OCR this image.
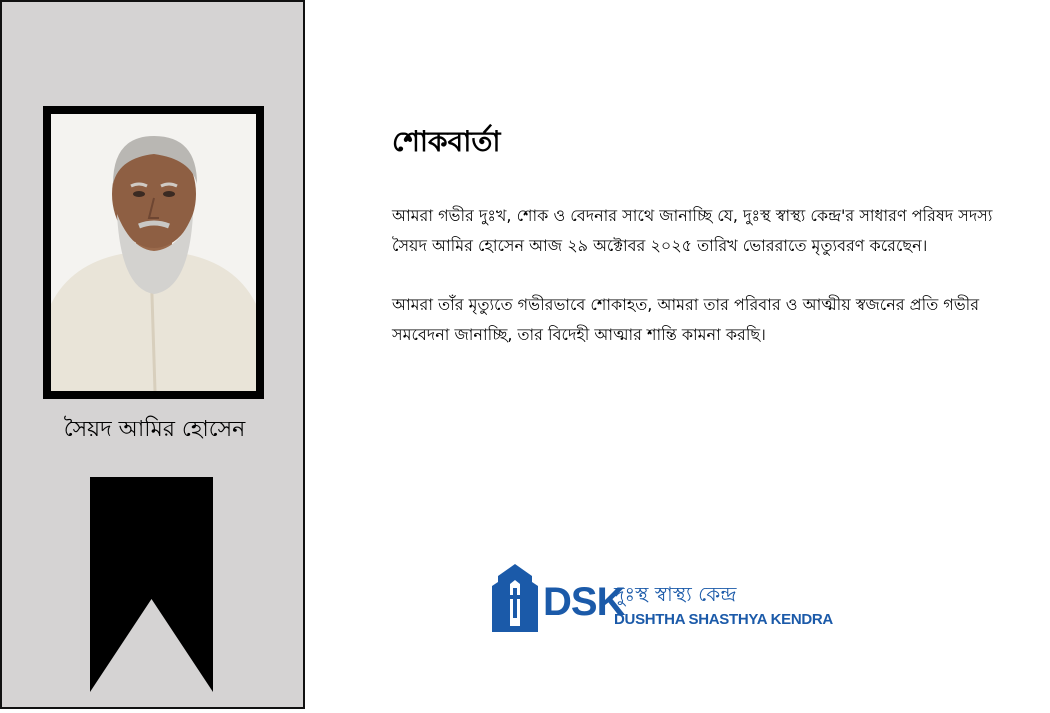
সৈয়দ আমির হোসেন
শোকবার্তা

আমরা গভীর দুঃখ, শোক ও বেদনার সাথে জানাচ্ছি যে, দুঃস্থ স্বাস্থ্য কেন্দ্র'র সাধারণ পরিষদ সদস্য সৈয়দ আমির হোসেন আজ ২৯ অক্টোবর ২০২৫ তারিখ ভোররাতে মৃত্যুবরণ করেছেন।

আমরা তাঁর মৃত্যুতে গভীরভাবে শোকাহত, আমরা তার পরিবার ও আত্মীয় স্বজনের প্রতি গভীর সমবেদনা জানাচ্ছি, তার বিদেহী আত্মার শান্তি কামনা করছি।

DSK
দুঃস্থ স্বাস্থ্য কেন্দ্র
DUSHTHA SHASTHYA KENDRA
